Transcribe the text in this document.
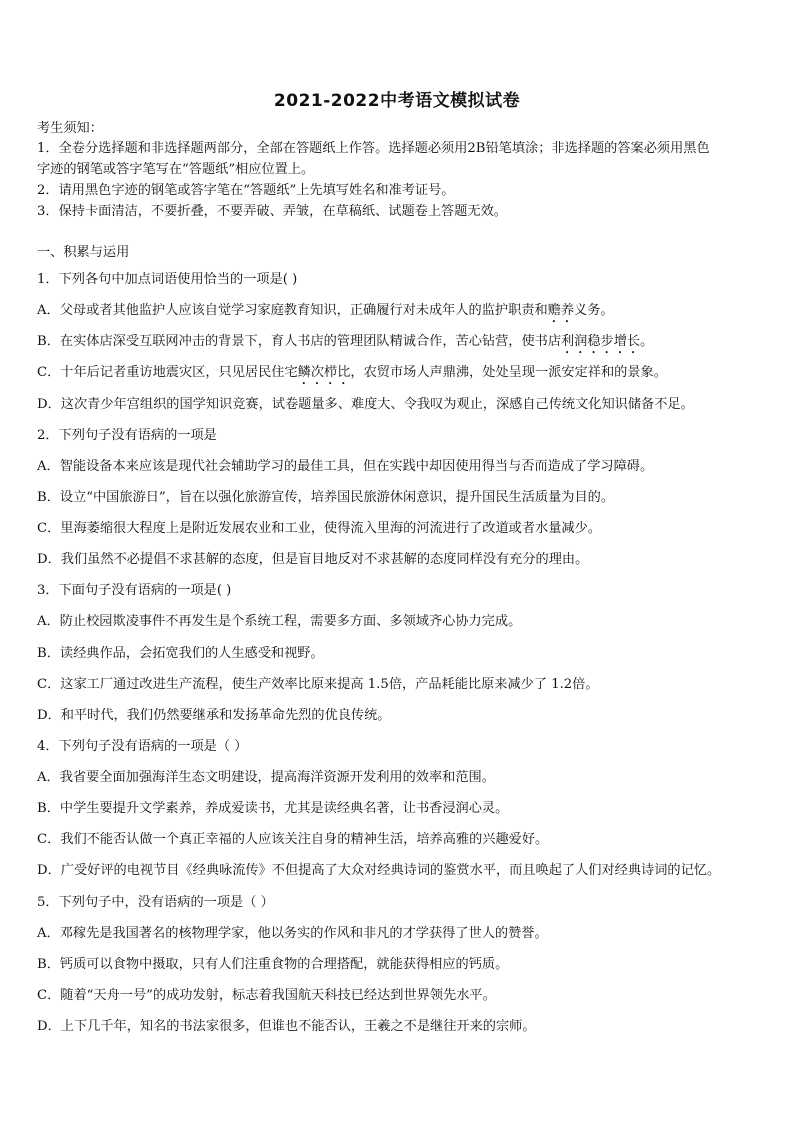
2021-2022中考语文模拟试卷
考生须知：
1．全卷分选择题和非选择题两部分，全部在答题纸上作答。选择题必须用2B铅笔填涂；非选择题的答案必须用黑色
字迹的钢笔或答字笔写在“答题纸”相应位置上。
2．请用黑色字迹的钢笔或答字笔在“答题纸”上先填写姓名和准考证号。
3．保持卡面清洁，不要折叠，不要弄破、弄皱，在草稿纸、试题卷上答题无效。
一、积累与运用
1．下列各句中加点词语使用恰当的一项是( )
A．父母或者其他监护人应该自觉学习家庭教育知识，正确履行对未成年人的监护职责和赡养义务。
B．在实体店深受互联网冲击的背景下，育人书店的管理团队精诚合作，苦心钻营，使书店利润稳步增长。
C．十年后记者重访地震灾区，只见居民住宅鳞次栉比，农贸市场人声鼎沸，处处呈现一派安定祥和的景象。
D．这次青少年宫组织的国学知识竞赛，试卷题量多、难度大、令我叹为观止，深感自己传统文化知识储备不足。
2．下列句子没有语病的一项是
A．智能设备本来应该是现代社会辅助学习的最佳工具，但在实践中却因使用得当与否而造成了学习障碍。
B．设立“中国旅游日”，旨在以强化旅游宣传，培养国民旅游休闲意识，提升国民生活质量为目的。
C．里海萎缩很大程度上是附近发展农业和工业，使得流入里海的河流进行了改道或者水量减少。
D．我们虽然不必提倡不求甚解的态度，但是盲目地反对不求甚解的态度同样没有充分的理由。
3．下面句子没有语病的一项是( )
A．防止校园欺凌事件不再发生是个系统工程，需要多方面、多领域齐心协力完成。
B．读经典作品，会拓宽我们的人生感受和视野。
C．这家工厂通过改进生产流程，使生产效率比原来提高 1.5倍，产品耗能比原来减少了 1.2倍。
D．和平时代，我们仍然要继承和发扬革命先烈的优良传统。
4．下列句子没有语病的一项是（ ）
A．我省要全面加强海洋生态文明建设，提高海洋资源开发利用的效率和范围。
B．中学生要提升文学素养，养成爱读书，尤其是读经典名著，让书香浸润心灵。
C．我们不能否认做一个真正幸福的人应该关注自身的精神生活，培养高雅的兴趣爱好。
D．广受好评的电视节目《经典咏流传》不但提高了大众对经典诗词的鉴赏水平，而且唤起了人们对经典诗词的记忆。
5．下列句子中，没有语病的一项是（ ）
A．邓稼先是我国著名的核物理学家，他以务实的作风和非凡的才学获得了世人的赞誉。
B．钙质可以食物中摄取，只有人们注重食物的合理搭配，就能获得相应的钙质。
C．随着“天舟一号”的成功发射，标志着我国航天科技已经达到世界领先水平。
D．上下几千年，知名的书法家很多，但谁也不能否认，王羲之不是继往开来的宗师。
